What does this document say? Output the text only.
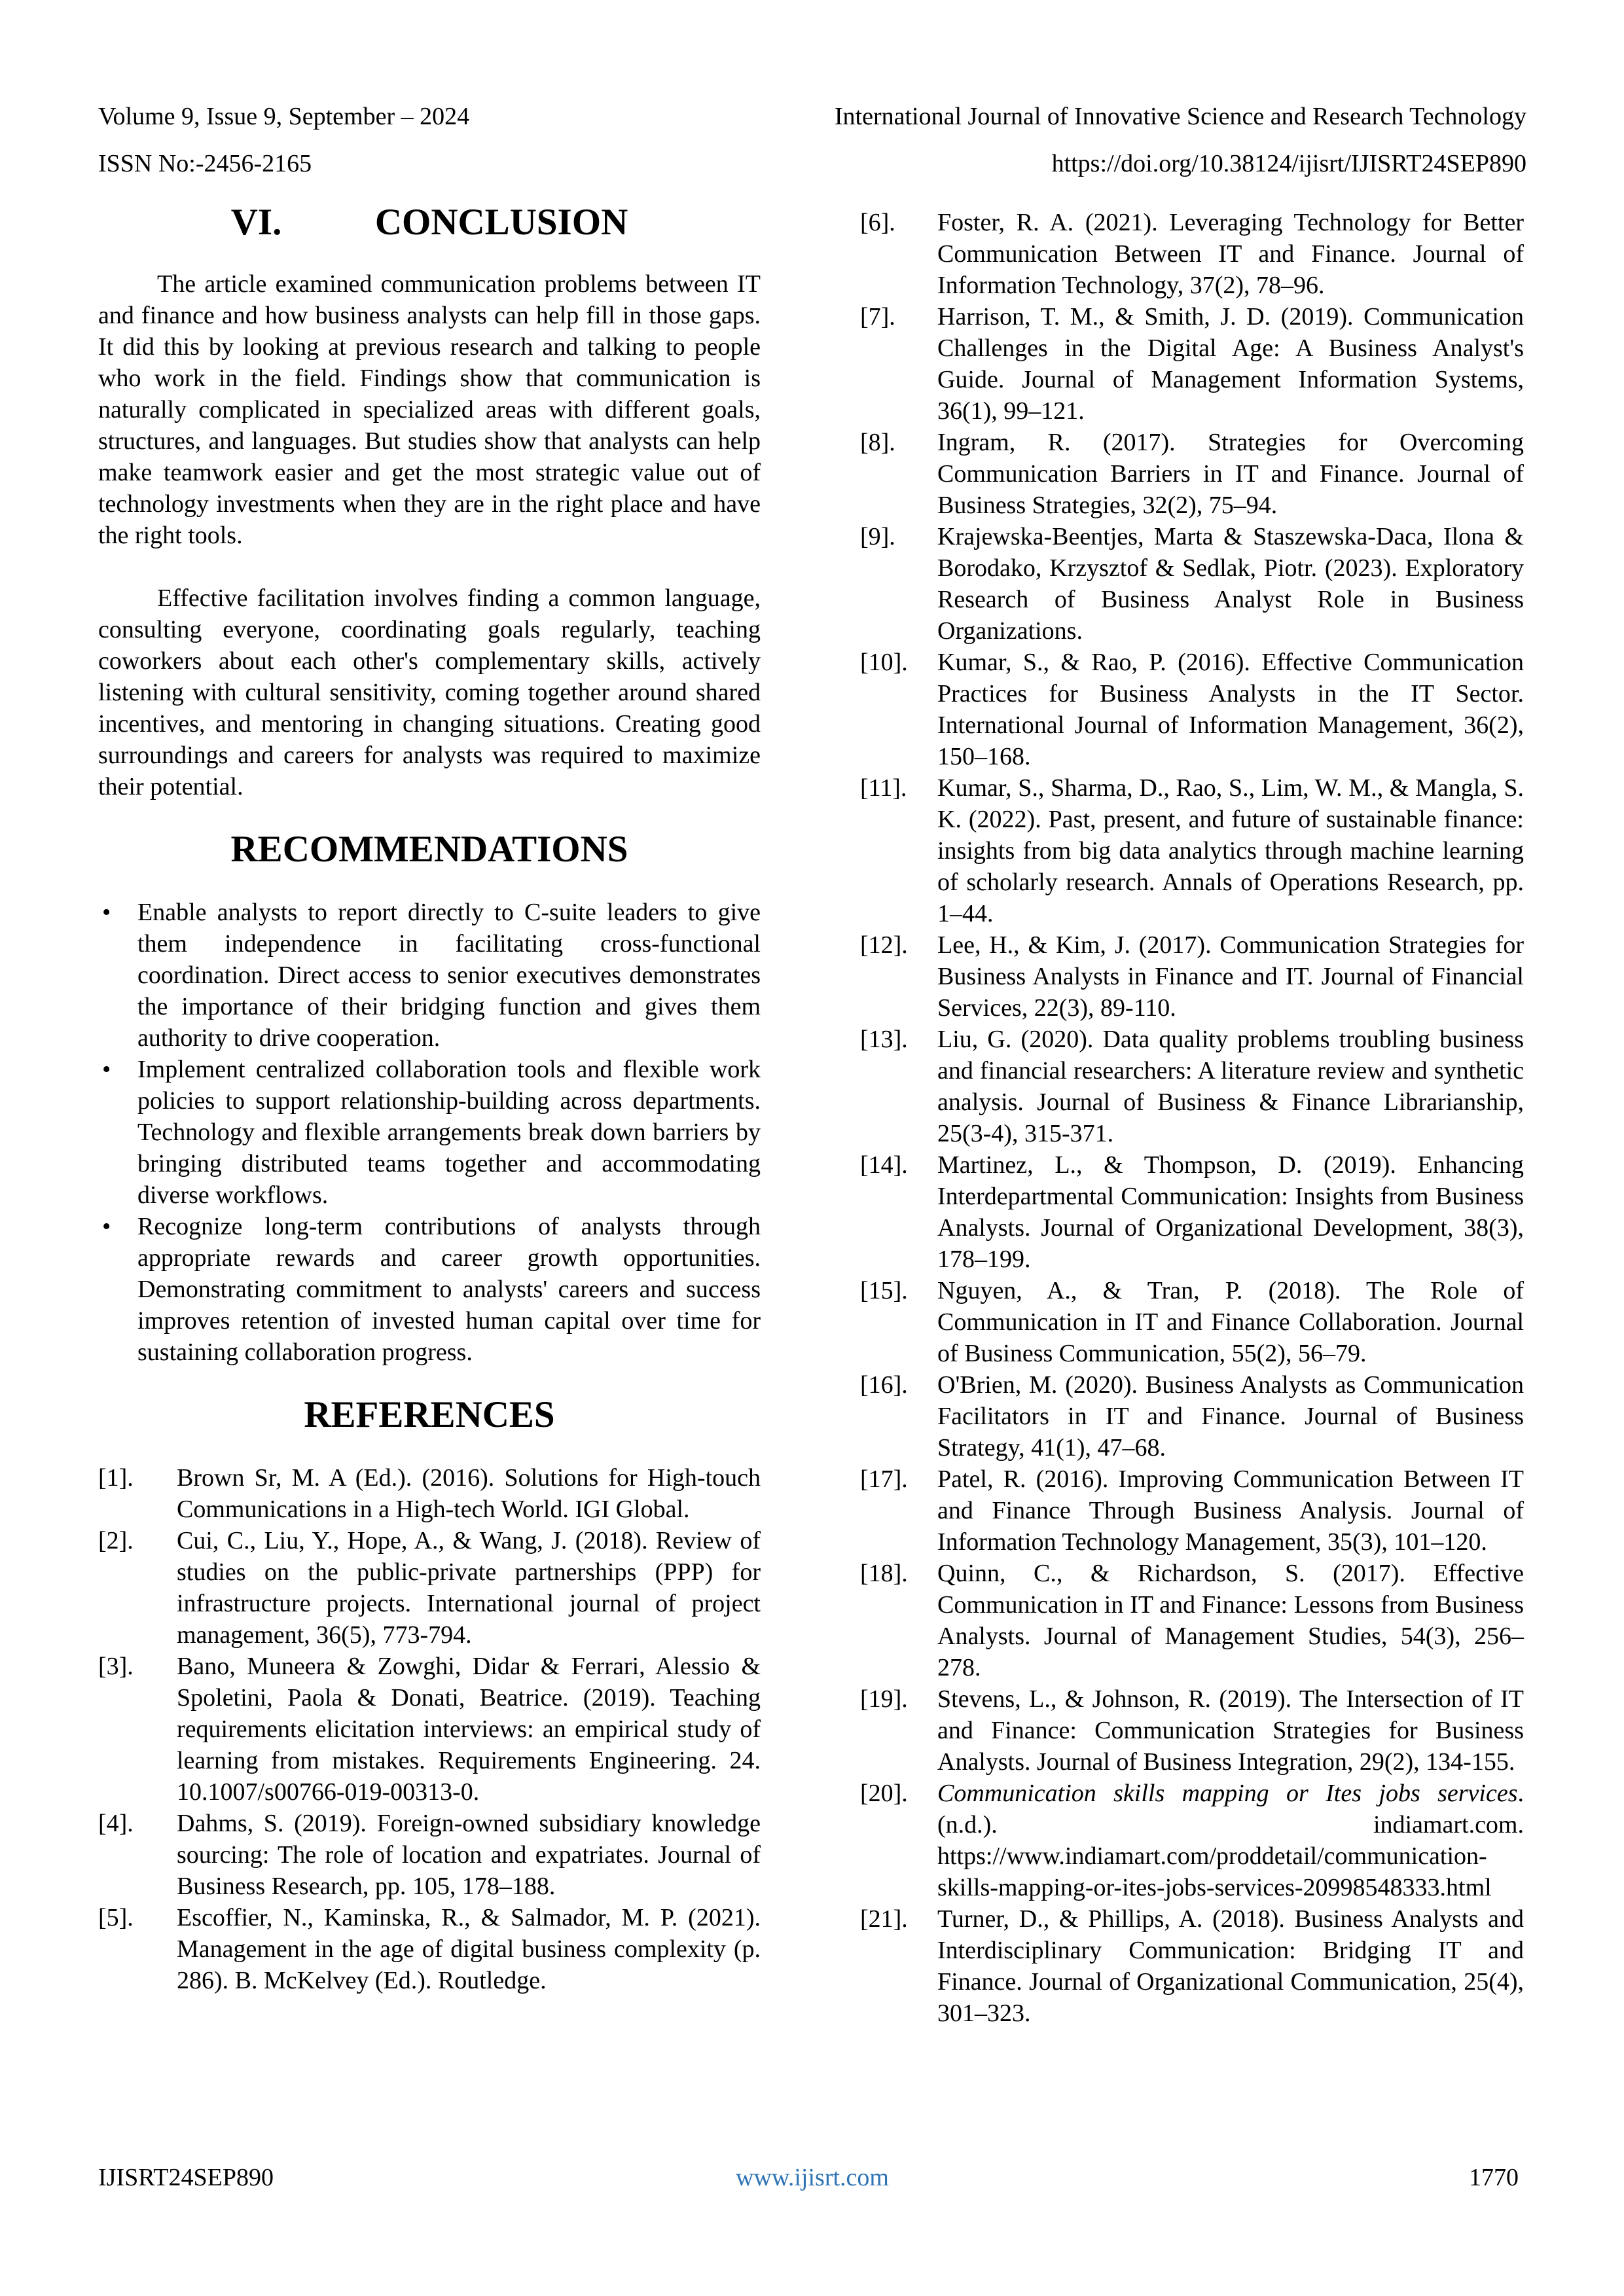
Volume 9, Issue 9, September – 2024	International Journal of Innovative Science and Research Technology
ISSN No:-2456-2165	https://doi.org/10.38124/ijisrt/IJISRT24SEP890
VI.          CONCLUSION

The article examined communication problems between IT and finance and how business analysts can help fill in those gaps. It did this by looking at previous research and talking to people who work in the field. Findings show that communication is naturally complicated in specialized areas with different goals, structures, and languages. But studies show that analysts can help make teamwork easier and get the most strategic value out of technology investments when they are in the right place and have the right tools.

Effective facilitation involves finding a common language, consulting everyone, coordinating goals regularly, teaching coworkers about each other's complementary skills, actively listening with cultural sensitivity, coming together around shared incentives, and mentoring in changing situations. Creating good surroundings and careers for analysts was required to maximize their potential.

RECOMMENDATIONS
• Enable analysts to report directly to C-suite leaders to give them independence in facilitating cross-functional coordination. Direct access to senior executives demonstrates the importance of their bridging function and gives them authority to drive cooperation.
• Implement centralized collaboration tools and flexible work policies to support relationship-building across departments. Technology and flexible arrangements break down barriers by bringing distributed teams together and accommodating diverse workflows.
• Recognize long-term contributions of analysts through appropriate rewards and career growth opportunities. Demonstrating commitment to analysts' careers and success improves retention of invested human capital over time for sustaining collaboration progress.
REFERENCES
[1].	Brown Sr, M. A (Ed.). (2016). Solutions for High-touch Communications in a High-tech World. IGI Global.
[2].	Cui, C., Liu, Y., Hope, A., & Wang, J. (2018). Review of studies on the public-private partnerships (PPP) for infrastructure projects. International journal of project management, 36(5), 773-794.
[3].	Bano, Muneera & Zowghi, Didar & Ferrari, Alessio & Spoletini, Paola & Donati, Beatrice. (2019). Teaching requirements elicitation interviews: an empirical study of learning from mistakes. Requirements Engineering. 24. 10.1007/s00766-019-00313-0.
[4].	Dahms, S. (2019). Foreign-owned subsidiary knowledge sourcing: The role of location and expatriates. Journal of Business Research, pp. 105, 178–188.
[5].	Escoffier, N., Kaminska, R., & Salmador, M. P. (2021). Management in the age of digital business complexity (p. 286). B. McKelvey (Ed.). Routledge.
[6].	Foster, R. A. (2021). Leveraging Technology for Better Communication Between IT and Finance. Journal of Information Technology, 37(2), 78–96.
[7].	Harrison, T. M., & Smith, J. D. (2019). Communication Challenges in the Digital Age: A Business Analyst's Guide. Journal of Management Information Systems, 36(1), 99–121.
[8].	Ingram, R. (2017). Strategies for Overcoming Communication Barriers in IT and Finance. Journal of Business Strategies, 32(2), 75–94.
[9].	Krajewska-Beentjes, Marta & Staszewska-Daca, Ilona & Borodako, Krzysztof & Sedlak, Piotr. (2023). Exploratory Research of Business Analyst Role in Business Organizations.
[10].	Kumar, S., & Rao, P. (2016). Effective Communication Practices for Business Analysts in the IT Sector. International Journal of Information Management, 36(2), 150–168.
[11].	Kumar, S., Sharma, D., Rao, S., Lim, W. M., & Mangla, S. K. (2022). Past, present, and future of sustainable finance: insights from big data analytics through machine learning of scholarly research. Annals of Operations Research, pp. 1–44.
[12].	Lee, H., & Kim, J. (2017). Communication Strategies for Business Analysts in Finance and IT. Journal of Financial Services, 22(3), 89-110.
[13].	Liu, G. (2020). Data quality problems troubling business and financial researchers: A literature review and synthetic analysis. Journal of Business & Finance Librarianship, 25(3-4), 315-371.
[14].	Martinez, L., & Thompson, D. (2019). Enhancing Interdepartmental Communication: Insights from Business Analysts. Journal of Organizational Development, 38(3), 178–199.
[15].	Nguyen, A., & Tran, P. (2018). The Role of Communication in IT and Finance Collaboration. Journal of Business Communication, 55(2), 56–79.
[16].	O'Brien, M. (2020). Business Analysts as Communication Facilitators in IT and Finance. Journal of Business Strategy, 41(1), 47–68.
[17].	Patel, R. (2016). Improving Communication Between IT and Finance Through Business Analysis. Journal of Information Technology Management, 35(3), 101–120.
[18].	Quinn, C., & Richardson, S. (2017). Effective Communication in IT and Finance: Lessons from Business Analysts. Journal of Management Studies, 54(3), 256–278.
[19].	Stevens, L., & Johnson, R. (2019). The Intersection of IT and Finance: Communication Strategies for Business Analysts. Journal of Business Integration, 29(2), 134-155.
[20].	Communication skills mapping or Ites jobs services. (n.d.). indiamart.com. https://www.indiamart.com/proddetail/communication-skills-mapping-or-ites-jobs-services-20998548333.html
[21].	Turner, D., & Phillips, A. (2018). Business Analysts and Interdisciplinary Communication: Bridging IT and Finance. Journal of Organizational Communication, 25(4), 301–323.
IJISRT24SEP890	www.ijisrt.com	1770
